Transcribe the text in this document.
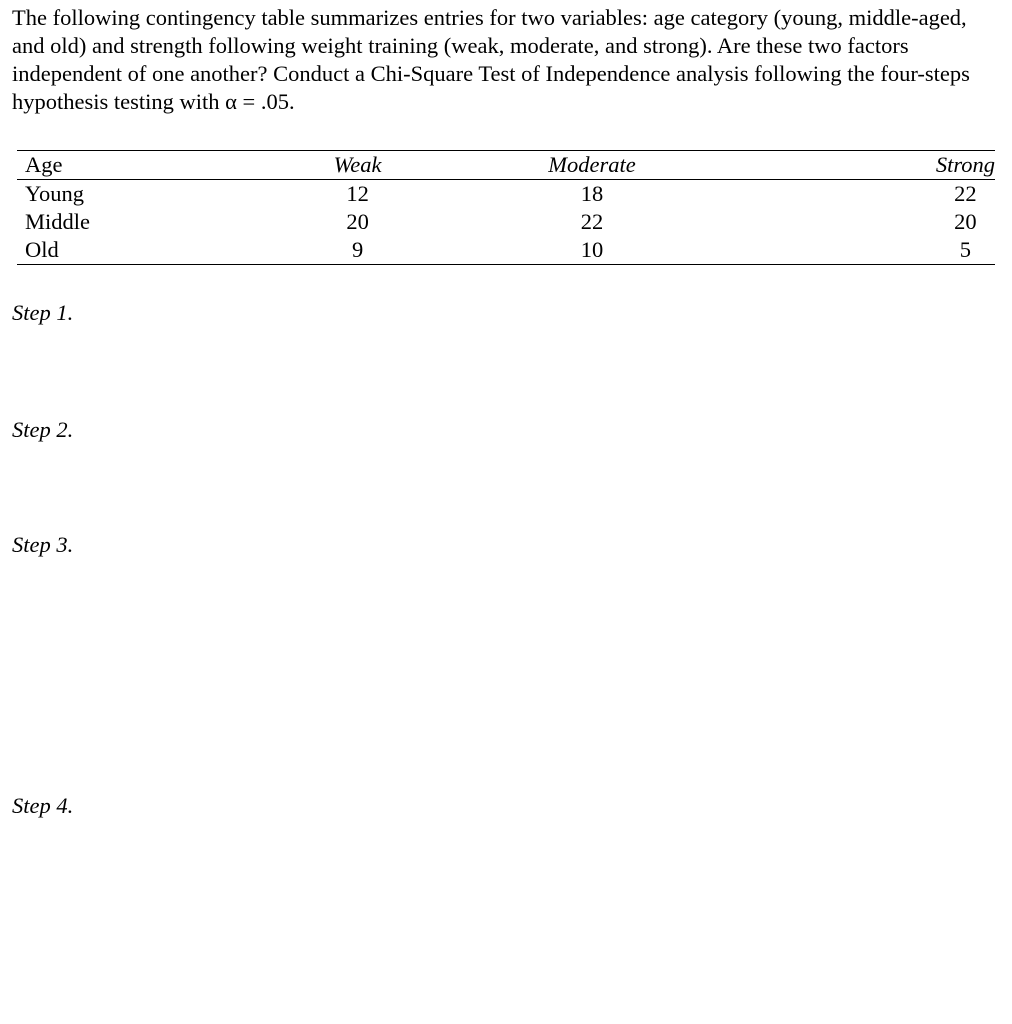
The following contingency table summarizes entries for two variables: age category (young, middle-aged, and old) and strength following weight training (weak, moderate, and strong). Are these two factors independent of one another? Conduct a Chi-Square Test of Independence analysis following the four-steps hypothesis testing with α = .05.

Age	Weak	Moderate	Strong
Young	12	18	22
Middle	20	22	20
Old	9	10	5

Step 1.

Step 2.

Step 3.

Step 4.
